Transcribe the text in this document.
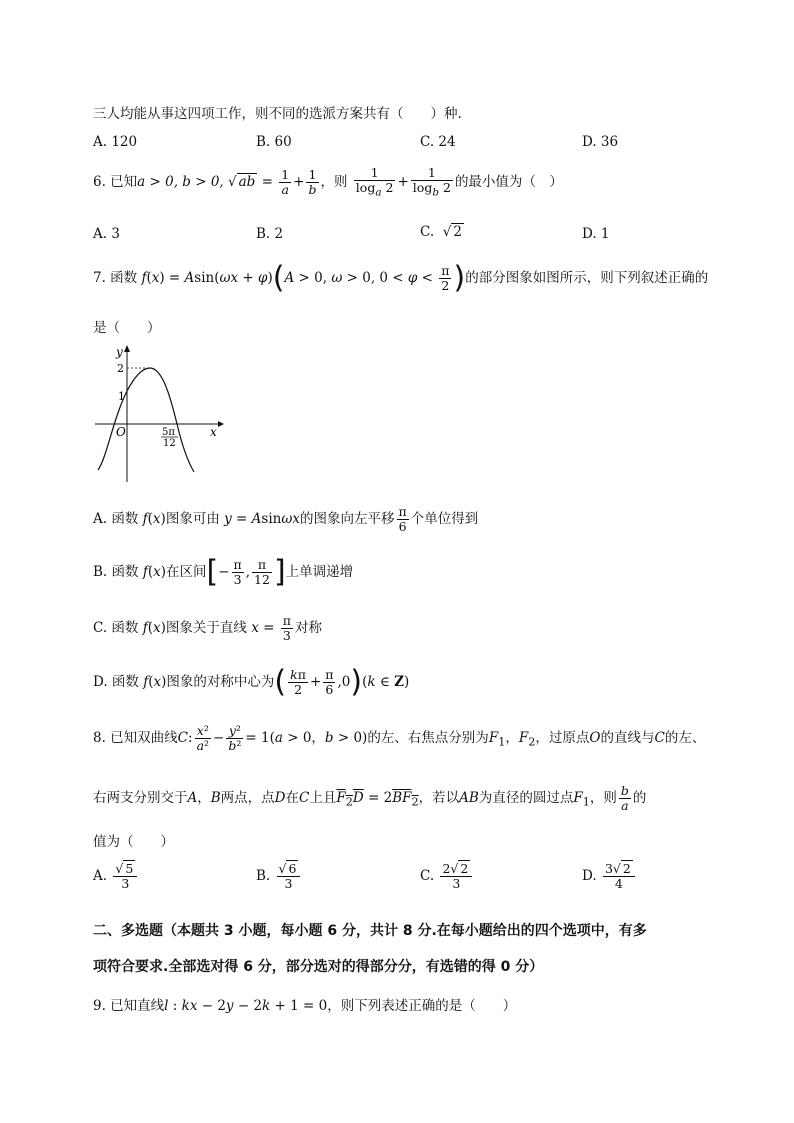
三人均能从事这四项工作，则不同的选派方案共有（　　）种.
A. 120	B. 60	C. 24	D. 36
6. 已知a > 0, b > 0, √ ab = $\frac{1}{a} + \frac{1}{b}$ ，则 $\frac{1}{\log_a 2} + \frac{1}{\log_b 2}$ 的最小值为（　）
A. 3	B. 2	C.  √ 2	D. 1
7. 函数 f(x) = Asin(ωx + φ)(A > 0, ω > 0, $0 < \varphi < \frac{\pi}{2}$ )的部分图象如图所示，则下列叙述正确的
是（　　）
y
x
O
2
1
5π
12
A. 函数 f(x)图象可由 y = Asinωx的图象向左平移 $\frac{\pi}{6}$ 个单位得到
B. 函数 f(x)在区间[− $\frac{\pi}{3}$ , $\frac{\pi}{12}$ ]上单调递增
C. 函数 f(x)图象关于直线 $x = \frac{\pi}{3}$ 对称
D. 函数 f(x)图象的对称中心为( $\frac{k\pi}{2} + \frac{\pi}{6} ,0)(k$ ∈ Z)
8. 已知双曲线C: $\frac{\text{x²}}{\text{a²}} - \frac{\text{y²}}{\text{b²}} = 1(a > 0$，b > 0)的左、右焦点分别为$F_1$，$F_2$，过原点O的直线与C的左、
右两支分别交于A，B两点，点D在C上且$F_2D = 2BF_2$，若以AB为直径的圆过点$F_1$，则 $\frac{b}{a}$ 的
值为（　　）
A. $\frac{√ 5}{3}$	B. $\frac{√ 6}{3}$	C. $\frac{2√ 2}{3}$	D. $\frac{3√ 2}{4}$
二、多选题（本题共 3 小题，每小题 6 分，共计 8 分.在每小题给出的四个选项中，有多
项符合要求.全部选对得 6 分，部分选对的得部分分，有选错的得 0 分）
9. 已知直线l : kx − 2y − 2k + 1 = 0，则下列表述正确的是（　　）
